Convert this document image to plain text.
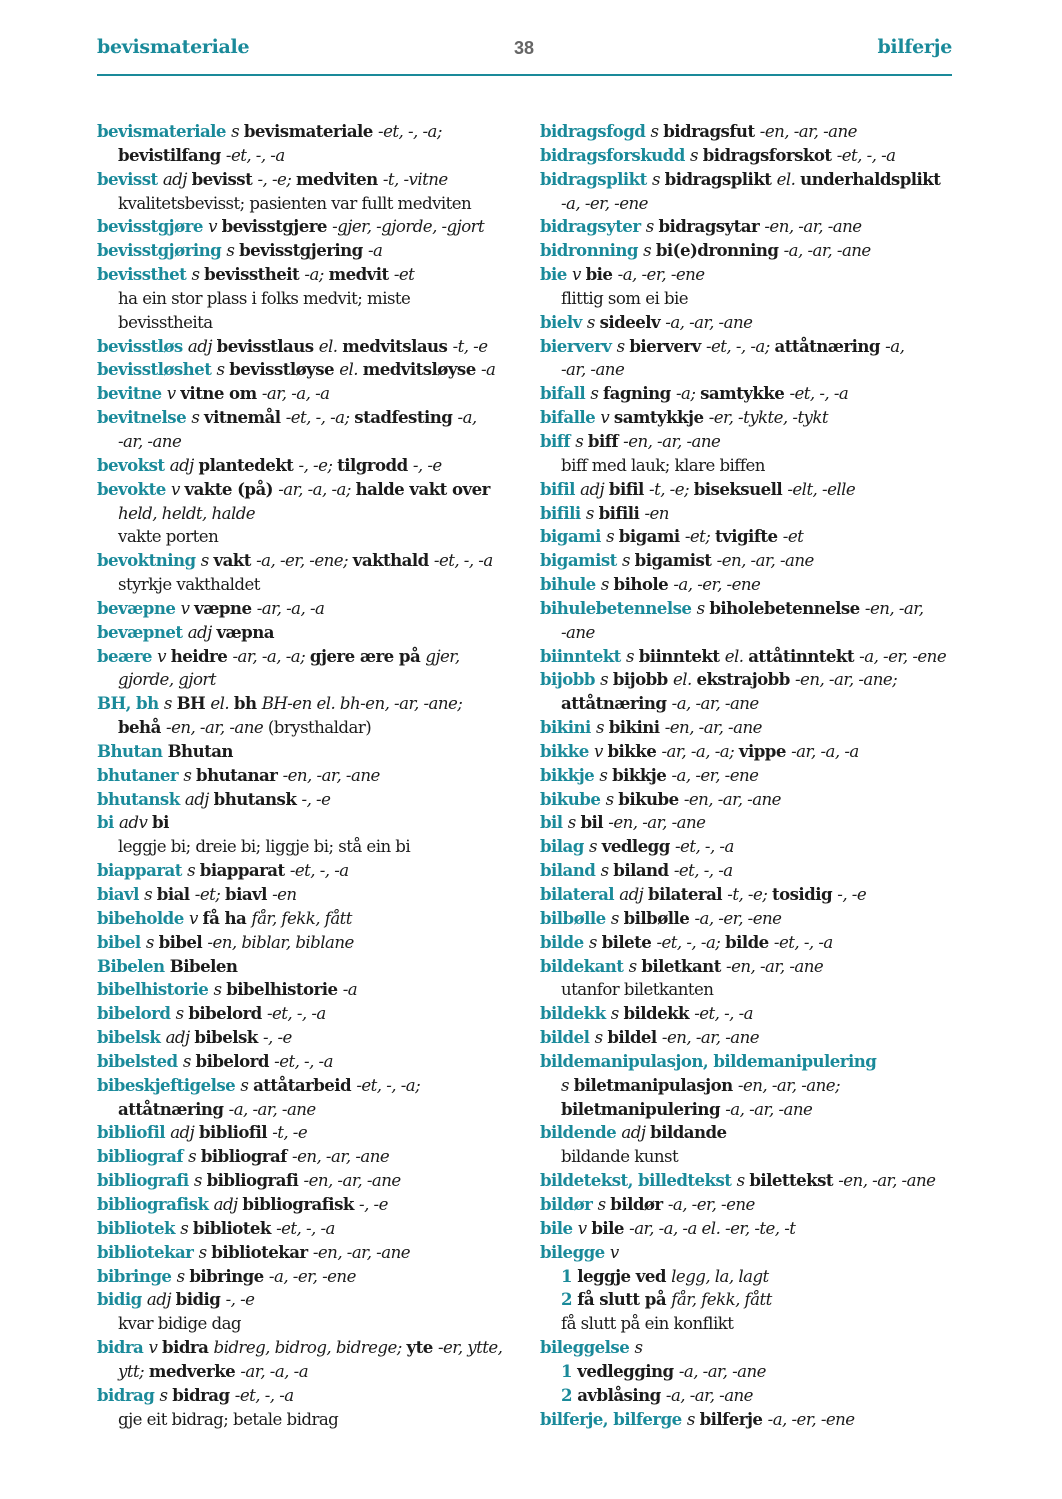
bevismateriale	38	bilferje
bevismateriale s bevismateriale -et, -, -a;
bevistilfang -et, -, -a
bevisst adj bevisst -, -e; medviten -t, -vitne
kvalitetsbevisst; pasienten var fullt medviten
bevisstgjøre v bevisstgjere -gjer, -gjorde, -gjort
bevisstgjøring s bevisstgjering -a
bevissthet s bevisstheit -a; medvit -et
ha ein stor plass i folks medvit; miste
bevisstheita
bevisstløs adj bevisstlaus el. medvitslaus -t, -e
bevisstløshet s bevisstløyse el. medvitsløyse -a
bevitne v vitne om -ar, -a, -a
bevitnelse s vitnemål -et, -, -a; stadfesting -a,
-ar, -ane
bevokst adj plantedekt -, -e; tilgrodd -, -e
bevokte v vakte (på) -ar, -a, -a; halde vakt over
held, heldt, halde
vakte porten
bevoktning s vakt -a, -er, -ene; vakthald -et, -, -a
styrkje vakthaldet
bevæpne v væpne -ar, -a, -a
bevæpnet adj væpna
beære v heidre -ar, -a, -a; gjere ære på gjer,
gjorde, gjort
BH, bh s BH el. bh BH-en el. bh-en, -ar, -ane;
behå -en, -ar, -ane (brysthaldar)
Bhutan Bhutan
bhutaner s bhutanar -en, -ar, -ane
bhutansk adj bhutansk -, -e
bi adv bi
leggje bi; dreie bi; liggje bi; stå ein bi
biapparat s biapparat -et, -, -a
biavl s bial -et; biavl -en
bibeholde v få ha får, fekk, fått
bibel s bibel -en, biblar, biblane
Bibelen Bibelen
bibelhistorie s bibelhistorie -a
bibelord s bibelord -et, -, -a
bibelsk adj bibelsk -, -e
bibelsted s bibelord -et, -, -a
bibeskjeftigelse s attåtarbeid -et, -, -a;
attåtnæring -a, -ar, -ane
bibliofil adj bibliofil -t, -e
bibliograf s bibliograf -en, -ar, -ane
bibliografi s bibliografi -en, -ar, -ane
bibliografisk adj bibliografisk -, -e
bibliotek s bibliotek -et, -, -a
bibliotekar s bibliotekar -en, -ar, -ane
bibringe s bibringe -a, -er, -ene
bidig adj bidig -, -e
kvar bidige dag
bidra v bidra bidreg, bidrog, bidrege; yte -er, ytte,
ytt; medverke -ar, -a, -a
bidrag s bidrag -et, -, -a
gje eit bidrag; betale bidrag
bidragsfogd s bidragsfut -en, -ar, -ane
bidragsforskudd s bidragsforskot -et, -, -a
bidragsplikt s bidragsplikt el. underhaldsplikt
-a, -er, -ene
bidragsyter s bidragsytar -en, -ar, -ane
bidronning s bi(e)dronning -a, -ar, -ane
bie v bie -a, -er, -ene
flittig som ei bie
bielv s sideelv -a, -ar, -ane
bierverv s bierverv -et, -, -a; attåtnæring -a,
-ar, -ane
bifall s fagning -a; samtykke -et, -, -a
bifalle v samtykkje -er, -tykte, -tykt
biff s biff -en, -ar, -ane
biff med lauk; klare biffen
bifil adj bifil -t, -e; biseksuell -elt, -elle
bifili s bifili -en
bigami s bigami -et; tvigifte -et
bigamist s bigamist -en, -ar, -ane
bihule s bihole -a, -er, -ene
bihulebetennelse s biholebetennelse -en, -ar,
-ane
biinntekt s biinntekt el. attåtinntekt -a, -er, -ene
bijobb s bijobb el. ekstrajobb -en, -ar, -ane;
attåtnæring -a, -ar, -ane
bikini s bikini -en, -ar, -ane
bikke v bikke -ar, -a, -a; vippe -ar, -a, -a
bikkje s bikkje -a, -er, -ene
bikube s bikube -en, -ar, -ane
bil s bil -en, -ar, -ane
bilag s vedlegg -et, -, -a
biland s biland -et, -, -a
bilateral adj bilateral -t, -e; tosidig -, -e
bilbølle s bilbølle -a, -er, -ene
bilde s bilete -et, -, -a; bilde -et, -, -a
bildekant s biletkant -en, -ar, -ane
utanfor biletkanten
bildekk s bildekk -et, -, -a
bildel s bildel -en, -ar, -ane
bildemanipulasjon, bildemanipulering
s biletmanipulasjon -en, -ar, -ane;
biletmanipulering -a, -ar, -ane
bildende adj bildande
bildande kunst
bildetekst, billedtekst s bilettekst -en, -ar, -ane
bildør s bildør -a, -er, -ene
bile v bile -ar, -a, -a el. -er, -te, -t
bilegge v
1 leggje ved legg, la, lagt
2 få slutt på får, fekk, fått
få slutt på ein konflikt
bileggelse s
1 vedlegging -a, -ar, -ane
2 avblåsing -a, -ar, -ane
bilferje, bilferge s bilferje -a, -er, -ene
